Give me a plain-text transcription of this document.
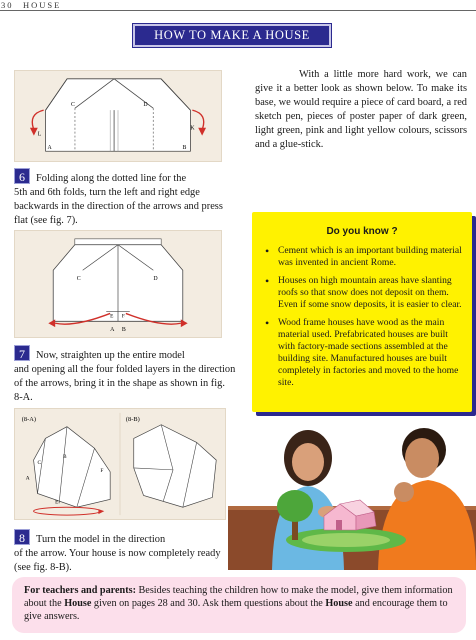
30 HOUSE
HOW TO MAKE A HOUSE
L
C	D
K
A	B

With a little more hard work, we can give it a better look as shown below. To make its base, we would require a piece of card board, a red sketch pen, pieces of poster paper of dark green, light green, pink and light yellow colours, scissors and a glue-stick.

6 Folding along the dotted line for the
5th and 6th folds, turn the left and right edge backwards in the direction of the arrows and press flat (see fig. 7).
C	D
E F
A B
7 Now, straighten up the entire model
and opening all the four folded layers in the direction of the arrows, bring it in the shape as shown in fig. 8-A.
(8-A)
B
C
A
F
E
(8-B)
8 Turn the model in the direction
of the arrow. Your house is now completely ready (see fig. 8-B).
Do you know ?
• Cement which is an important building material was invented in ancient Rome.
• Houses on high mountain areas have slanting roofs so that snow does not deposit on them. Even if some snow deposits, it is easier to clear.
• Wood frame houses have wood as the main material used. Prefabricated houses are built with factory-made sections assembled at the building site. Manufactured houses are built completely in factories and moved to the home site.
For teachers and parents: Besides teaching the children how to make the model, give them information about the House given on pages 28 and 30. Ask them questions about the House and encourage them to give answers.
